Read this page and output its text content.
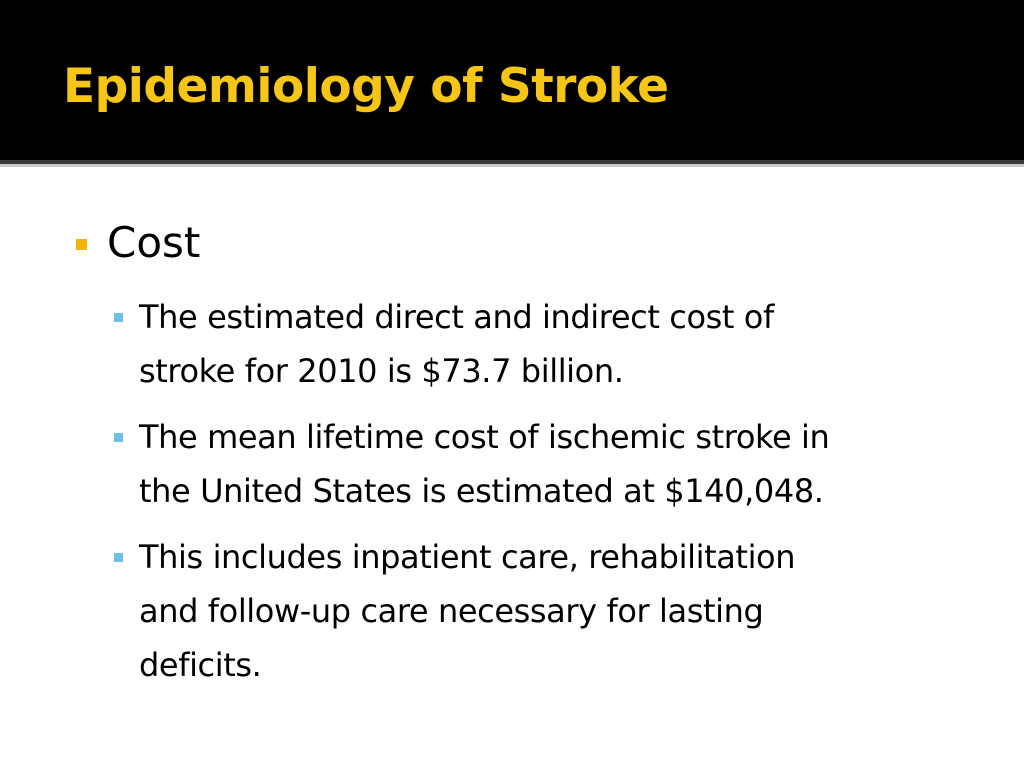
Epidemiology of Stroke
Cost
The estimated direct and indirect cost of
stroke for 2010 is $73.7 billion.
The mean lifetime cost of ischemic stroke in
the United States is estimated at $140,048.
This includes inpatient care, rehabilitation
and follow-up care necessary for lasting
deficits.
